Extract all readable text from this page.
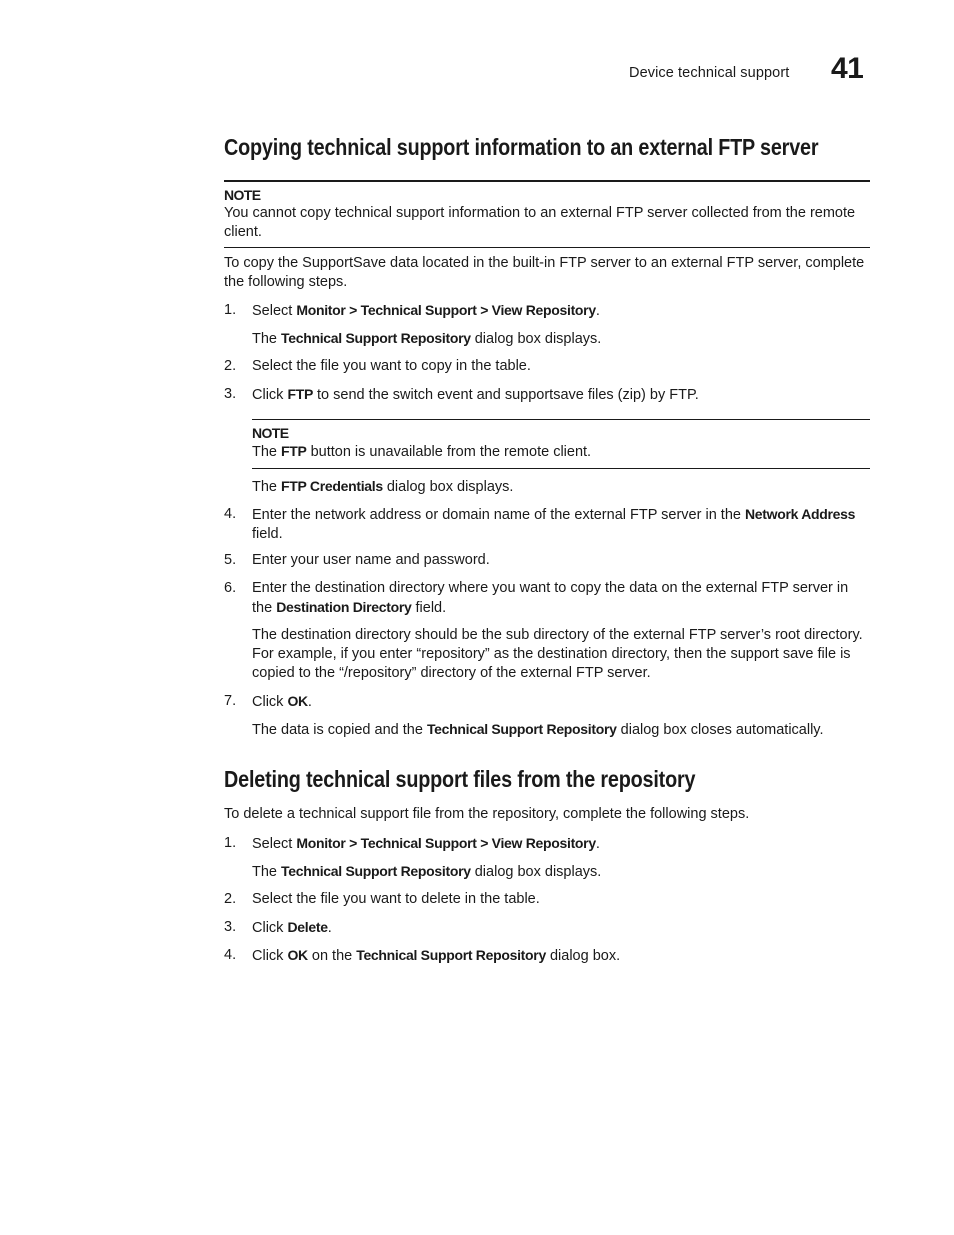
Device technical support 41
Copying technical support information to an external FTP server
NOTE

You cannot copy technical support information to an external FTP server collected from the remote client.

To copy the SupportSave data located in the built-in FTP server to an external FTP server, complete the following steps.

1. Select Monitor > Technical Support > View Repository.
The Technical Support Repository dialog box displays.
2. Select the file you want to copy in the table.
3. Click FTP to send the switch event and supportsave files (zip) by FTP.
NOTE

The FTP button is unavailable from the remote client.

The FTP Credentials dialog box displays.
4. Enter the network address or domain name of the external FTP server in the Network Address field.
5. Enter your user name and password.
6. Enter the destination directory where you want to copy the data on the external FTP server in the Destination Directory field.
The destination directory should be the sub directory of the external FTP server’s root directory. For example, if you enter “repository” as the destination directory, then the support save file is copied to the “/repository” directory of the external FTP server.
7. Click OK.
The data is copied and the Technical Support Repository dialog box closes automatically.
Deleting technical support files from the repository

To delete a technical support file from the repository, complete the following steps.

1. Select Monitor > Technical Support > View Repository.
The Technical Support Repository dialog box displays.
2. Select the file you want to delete in the table.
3. Click Delete.
4. Click OK on the Technical Support Repository dialog box.
